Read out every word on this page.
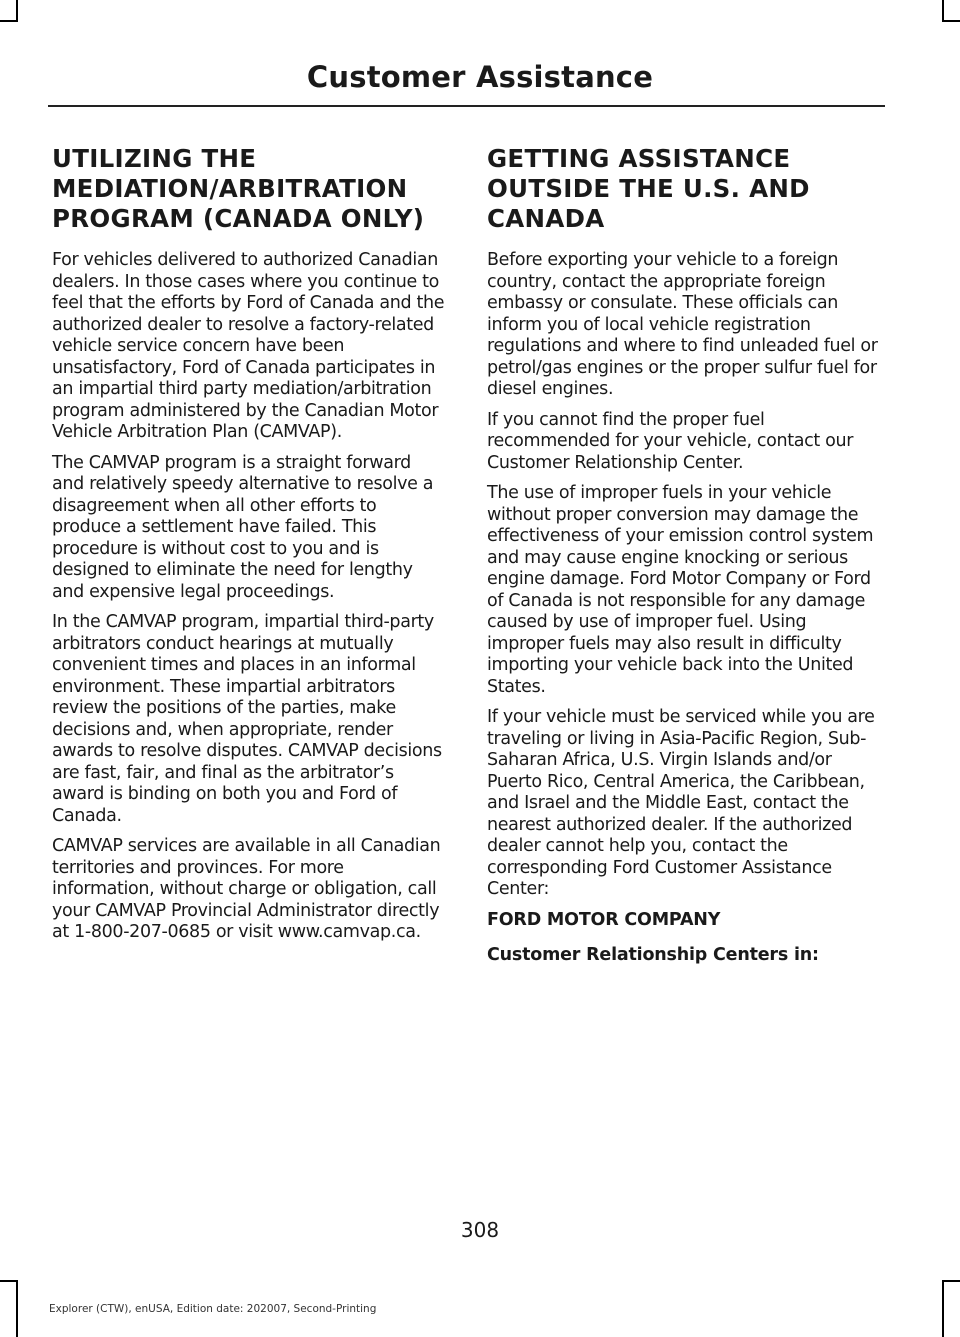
Customer Assistance
UTILIZING THE MEDIATION/ARBITRATION PROGRAM (CANADA ONLY)

For vehicles delivered to authorized Canadian dealers. In those cases where you continue to feel that the efforts by Ford of Canada and the authorized dealer to resolve a factory-related vehicle service concern have been unsatisfactory, Ford of Canada participates in an impartial third party mediation/arbitration program administered by the Canadian Motor Vehicle Arbitration Plan (CAMVAP).

The CAMVAP program is a straight forward and relatively speedy alternative to resolve a disagreement when all other efforts to produce a settlement have failed. This procedure is without cost to you and is designed to eliminate the need for lengthy and expensive legal proceedings.

In the CAMVAP program, impartial third-party arbitrators conduct hearings at mutually convenient times and places in an informal environment. These impartial arbitrators review the positions of the parties, make decisions and, when appropriate, render awards to resolve disputes. CAMVAP decisions are fast, fair, and final as the arbitrator’s award is binding on both you and Ford of Canada.

CAMVAP services are available in all Canadian territories and provinces. For more information, without charge or obligation, call your CAMVAP Provincial Administrator directly at 1-800-207-0685 or visit www.camvap.ca.

GETTING ASSISTANCE OUTSIDE THE U.S. AND CANADA

Before exporting your vehicle to a foreign country, contact the appropriate foreign embassy or consulate. These officials can inform you of local vehicle registration regulations and where to find unleaded fuel or petrol/gas engines or the proper sulfur fuel for diesel engines.

If you cannot find the proper fuel recommended for your vehicle, contact our Customer Relationship Center.

The use of improper fuels in your vehicle without proper conversion may damage the effectiveness of your emission control system and may cause engine knocking or serious engine damage. Ford Motor Company or Ford of Canada is not responsible for any damage caused by use of improper fuel. Using improper fuels may also result in difficulty importing your vehicle back into the United States.

If your vehicle must be serviced while you are traveling or living in Asia-Pacific Region, Sub-Saharan Africa, U.S. Virgin Islands and/or Puerto Rico, Central America, the Caribbean, and Israel and the Middle East, contact the nearest authorized dealer. If the authorized dealer cannot help you, contact the corresponding Ford Customer Assistance Center:

FORD MOTOR COMPANY

Customer Relationship Centers in:

308
Explorer (CTW), enUSA, Edition date: 202007, Second-Printing
